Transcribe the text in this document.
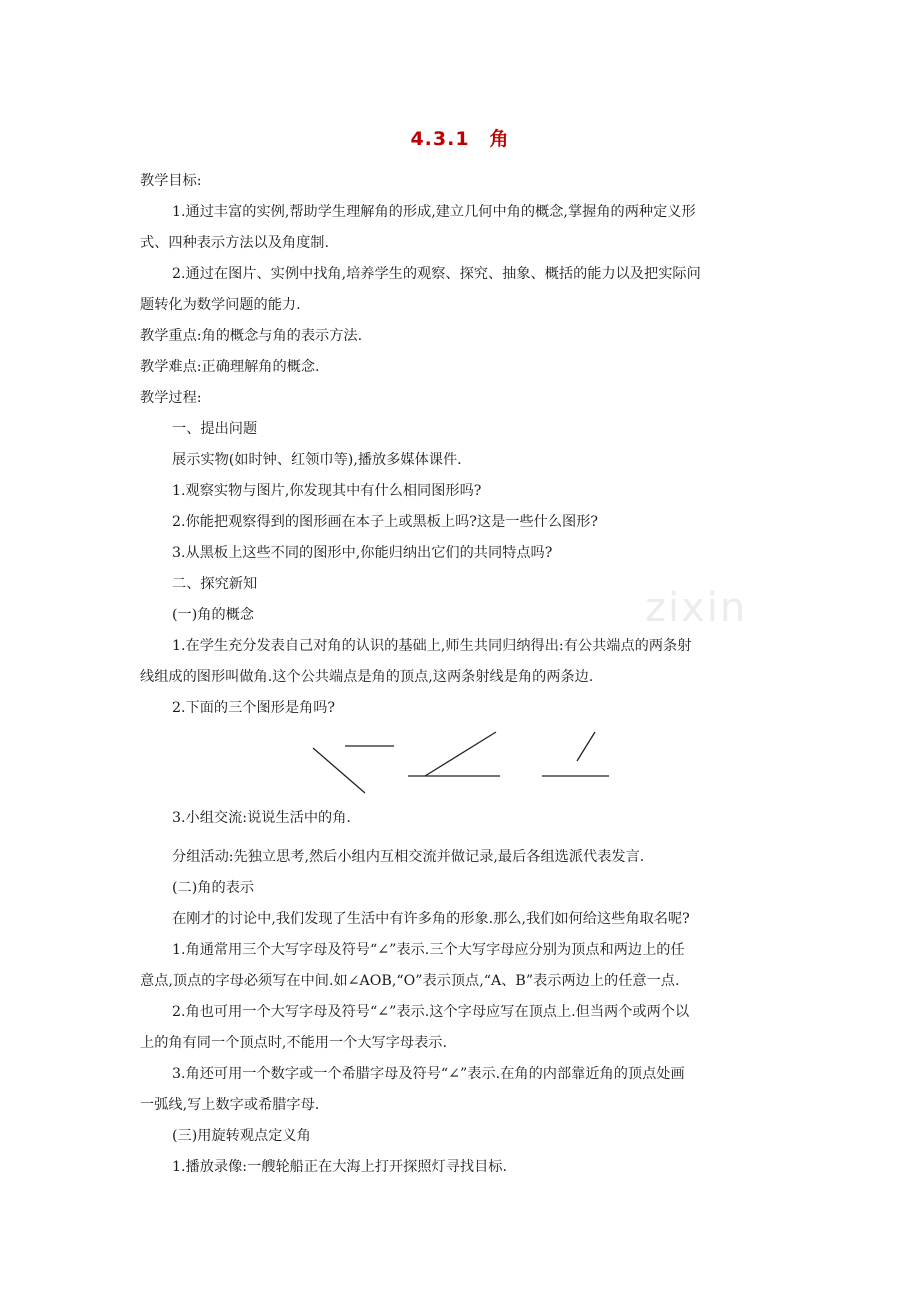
4.3.1　角
教学目标:
1.通过丰富的实例,帮助学生理解角的形成,建立几何中角的概念,掌握角的两种定义形
式、四种表示方法以及角度制.
2.通过在图片、实例中找角,培养学生的观察、探究、抽象、概括的能力以及把实际问
题转化为数学问题的能力.
教学重点:角的概念与角的表示方法.
教学难点:正确理解角的概念.
教学过程:
一、提出问题
展示实物(如时钟、红领巾等),播放多媒体课件.
1.观察实物与图片,你发现其中有什么相同图形吗?
2.你能把观察得到的图形画在本子上或黑板上吗?这是一些什么图形?
3.从黑板上这些不同的图形中,你能归纳出它们的共同特点吗?
二、探究新知
(一)角的概念
1.在学生充分发表自己对角的认识的基础上,师生共同归纳得出:有公共端点的两条射
线组成的图形叫做角.这个公共端点是角的顶点,这两条射线是角的两条边.
2.下面的三个图形是角吗?
3.小组交流:说说生活中的角.
分组活动:先独立思考,然后小组内互相交流并做记录,最后各组选派代表发言.
(二)角的表示
在刚才的讨论中,我们发现了生活中有许多角的形象.那么,我们如何给这些角取名呢?
1.角通常用三个大写字母及符号“∠”表示.三个大写字母应分别为顶点和两边上的任
意点,顶点的字母必须写在中间.如∠AOB,“O”表示顶点,“A、B”表示两边上的任意一点.
2.角也可用一个大写字母及符号“∠”表示.这个字母应写在顶点上.但当两个或两个以
上的角有同一个顶点时,不能用一个大写字母表示.
3.角还可用一个数字或一个希腊字母及符号“∠”表示.在角的内部靠近角的顶点处画
一弧线,写上数字或希腊字母.
(三)用旋转观点定义角
1.播放录像:一艘轮船正在大海上打开探照灯寻找目标.
zixin
